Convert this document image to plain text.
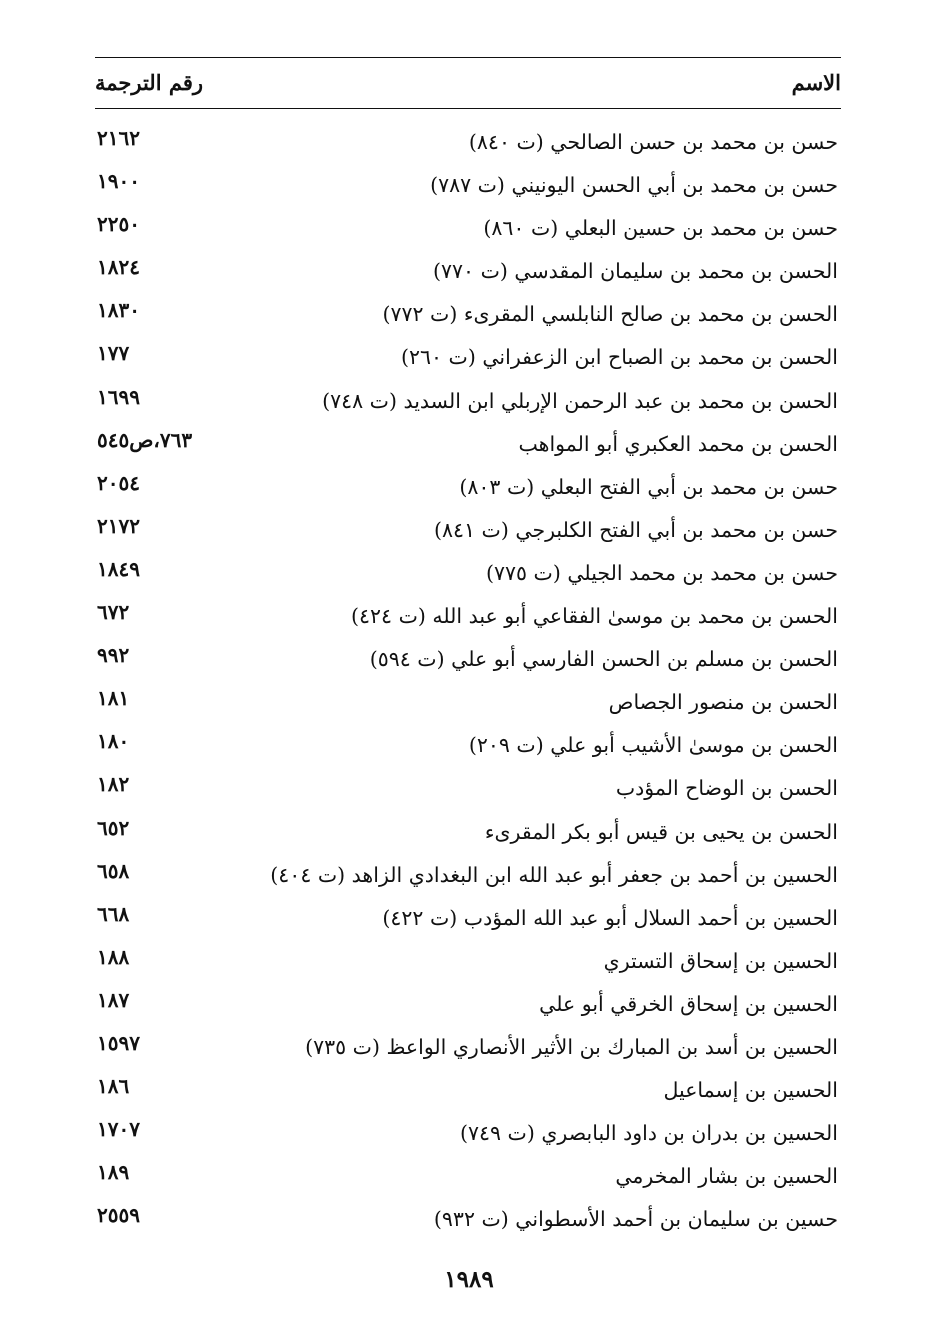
الاسم
رقم الترجمة
حسن بن محمد بن حسن الصالحي (ت ٨٤٠)
٢١٦٢
حسن بن محمد بن أبي الحسن اليونيني (ت ٧٨٧)
١٩٠٠
حسن بن محمد بن حسين البعلي (ت ٨٦٠)
٢٢٥٠
الحسن بن محمد بن سليمان المقدسي (ت ٧٧٠)
١٨٢٤
الحسن بن محمد بن صالح النابلسي المقرىء (ت ٧٧٢)
١٨٣٠
الحسن بن محمد بن الصباح ابن الزعفراني (ت ٢٦٠)
١٧٧
الحسن بن محمد بن عبد الرحمن الإربلي ابن السديد (ت ٧٤٨)
١٦٩٩
الحسن بن محمد العكبري أبو المواهب
٧٦٣،ص٥٤٥
حسن بن محمد بن أبي الفتح البعلي (ت ٨٠٣)
٢٠٥٤
حسن بن محمد بن أبي الفتح الكلبرجي (ت ٨٤١)
٢١٧٢
حسن بن محمد بن محمد الجيلي (ت ٧٧٥)
١٨٤٩
الحسن بن محمد بن موسىٰ الفقاعي أبو عبد الله (ت ٤٢٤)
٦٧٢
الحسن بن مسلم بن الحسن الفارسي أبو علي (ت ٥٩٤)
٩٩٢
الحسن بن منصور الجصاص
١٨١
الحسن بن موسىٰ الأشيب أبو علي (ت ٢٠٩)
١٨٠
الحسن بن الوضاح المؤدب
١٨٢
الحسن بن يحيى بن قيس أبو بكر المقرىء
٦٥٢
الحسين بن أحمد بن جعفر أبو عبد الله ابن البغدادي الزاهد (ت ٤٠٤)
٦٥٨
الحسين بن أحمد السلال أبو عبد الله المؤدب (ت ٤٢٢)
٦٦٨
الحسين بن إسحاق التستري
١٨٨
الحسين بن إسحاق الخرقي أبو علي
١٨٧
الحسين بن أسد بن المبارك بن الأثير الأنصاري الواعظ (ت ٧٣٥)
١٥٩٧
الحسين بن إسماعيل
١٨٦
الحسين بن بدران بن داود البابصري (ت ٧٤٩)
١٧٠٧
الحسين بن بشار المخرمي
١٨٩
حسين بن سليمان بن أحمد الأسطواني (ت ٩٣٢)
٢٥٥٩
١٩٨٩
